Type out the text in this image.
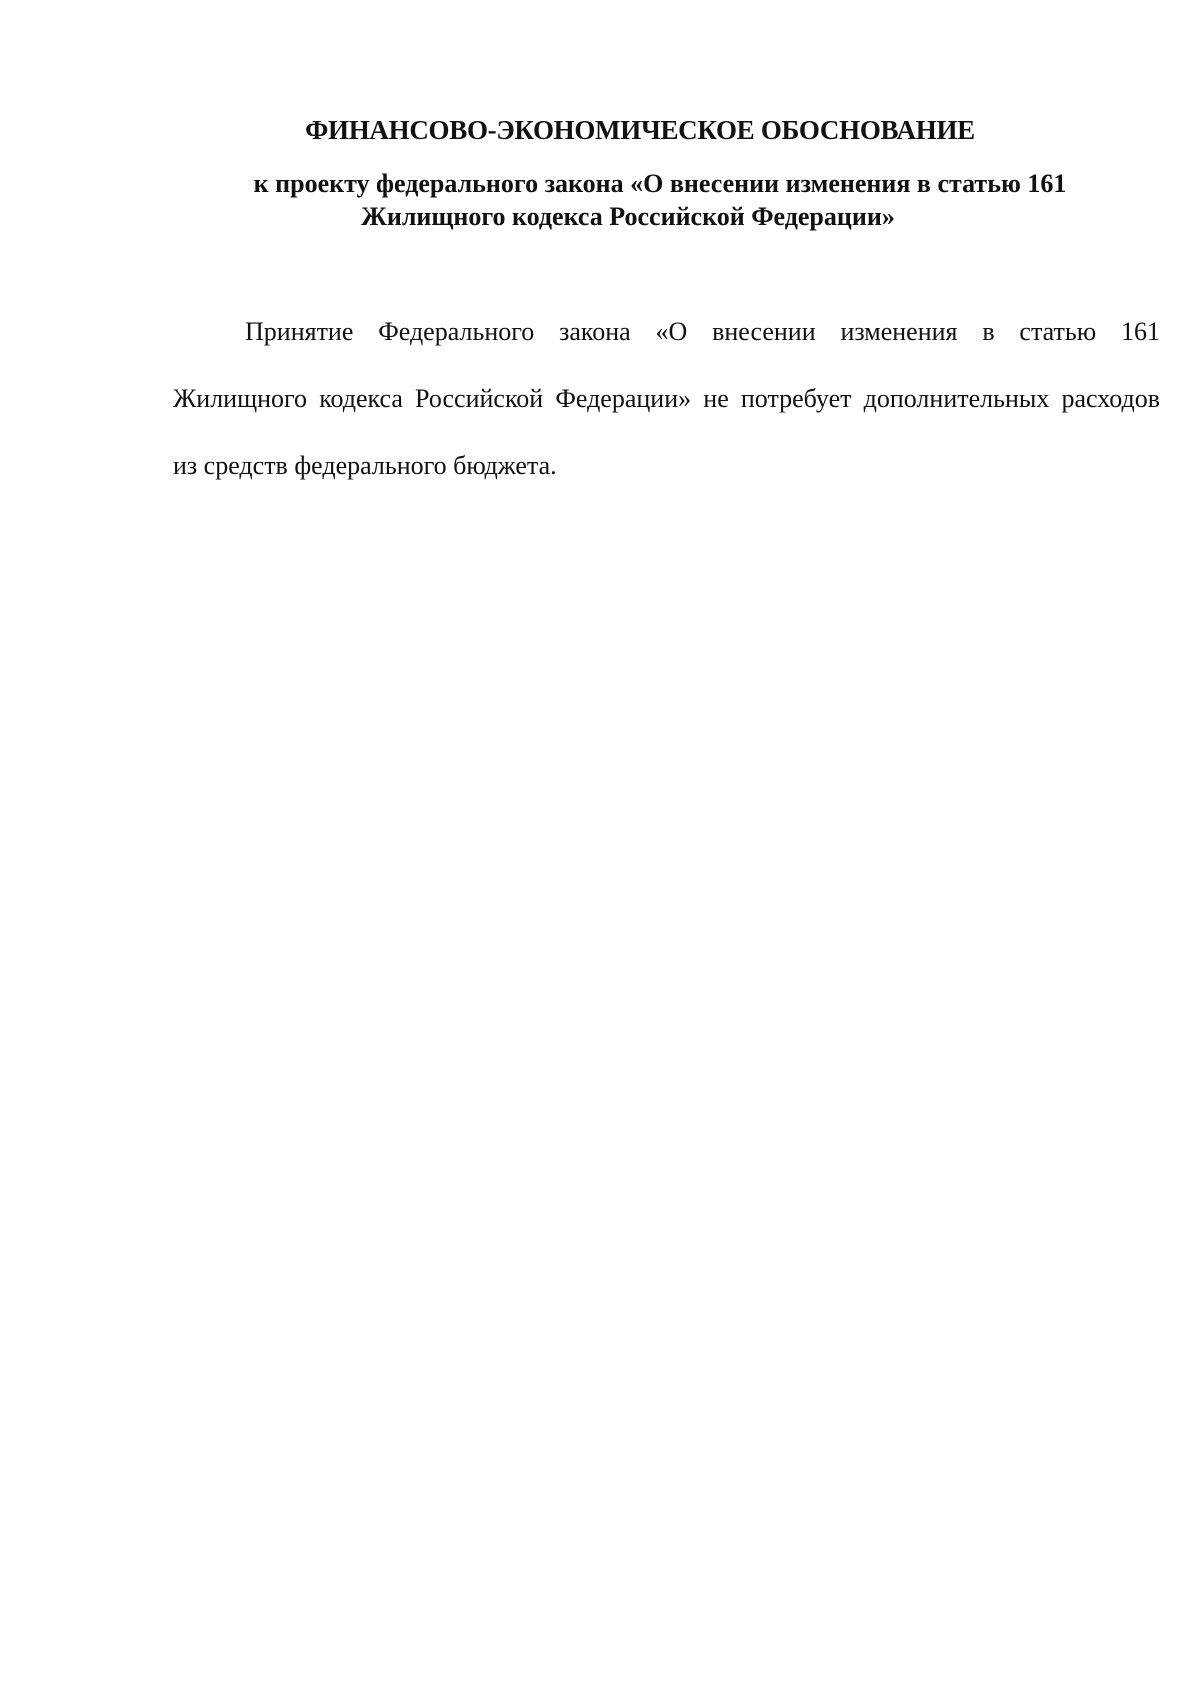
ФИНАНСОВО-ЭКОНОМИЧЕСКОЕ ОБОСНОВАНИЕ
к проекту федерального закона «О внесении изменения в статью 161
Жилищного кодекса Российской Федерации»

Принятие Федерального закона «О внесении изменения в статью 161
Жилищного кодекса Российской Федерации» не потребует дополнительных расходов
из средств федерального бюджета.
